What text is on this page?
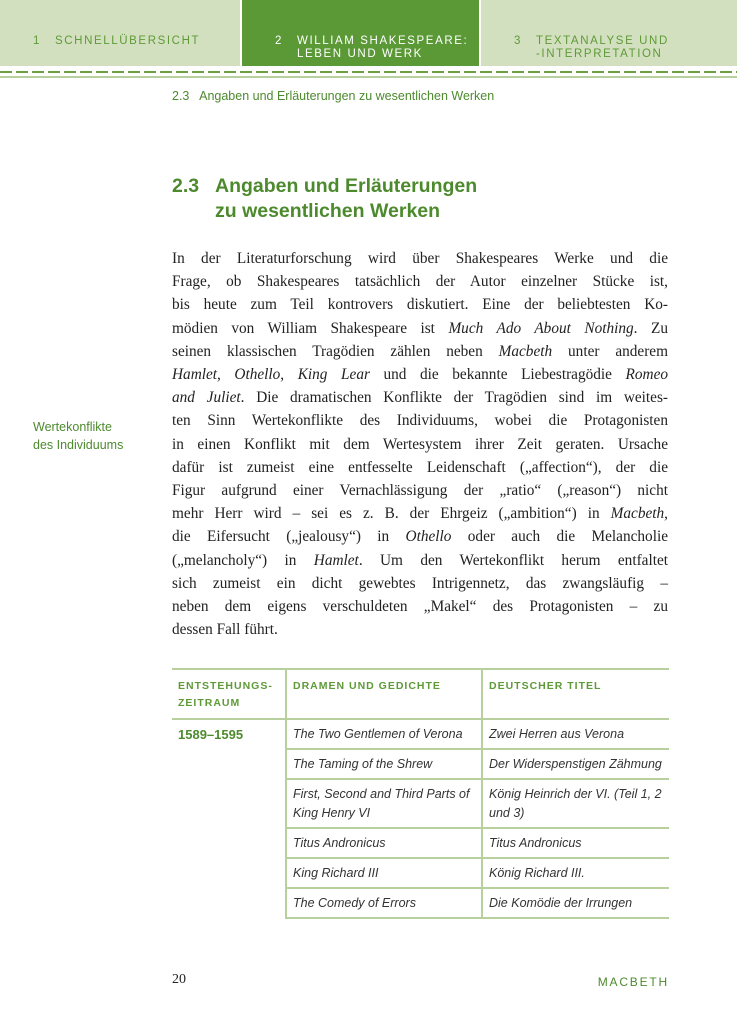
1 SCHNELLÜBERSICHT	2 WILLIAM SHAKESPEARE:
LEBEN UND WERK
3 TEXTANALYSE UND
-INTERPRETATION
2.3   Angaben und Erläuterungen zu wesentlichen Werken
2.3 Angaben und Erläuterungen
zu wesentlichen Werken
Wertekonflikte
des Individuums
In der Literaturforschung wird über Shakespeares Werke und die
Frage, ob Shakespeares tatsächlich der Autor einzelner Stücke ist,
bis heute zum Teil kontrovers diskutiert. Eine der beliebtesten Ko-
mödien von William Shakespeare ist Much Ado About Nothing. Zu
seinen klassischen Tragödien zählen neben Macbeth unter anderem
Hamlet, Othello, King Lear und die bekannte Liebestragödie Romeo
and Juliet. Die dramatischen Konflikte der Tragödien sind im weites-
ten Sinn Wertekonflikte des Individuums, wobei die Protagonisten
in einen Konflikt mit dem Wertesystem ihrer Zeit geraten. Ursache
dafür ist zumeist eine entfesselte Leidenschaft („affection“), der die
Figur aufgrund einer Vernachlässigung der „ratio“ („reason“) nicht
mehr Herr wird – sei es z. B. der Ehrgeiz („ambition“) in Macbeth,
die Eifersucht („jealousy“) in Othello oder auch die Melancholie
(„melancholy“) in Hamlet. Um den Wertekonflikt herum entfaltet
sich zumeist ein dicht gewebtes Intrigennetz, das zwangsläufig –
neben dem eigens verschuldeten „Makel“ des Protagonisten – zu
dessen Fall führt.
ENTSTEHUNGS-
ZEITRAUM	DRAMEN UND GEDICHTE	DEUTSCHER TITEL
1589–1595	The Two Gentlemen of Verona	Zwei Herren aus Verona
	The Taming of the Shrew	Der Widerspenstigen Zähmung
	First, Second and Third Parts of King Henry VI	König Heinrich der VI. (Teil 1, 2 und 3)
	Titus Andronicus	Titus Andronicus
	King Richard III	König Richard III.
	The Comedy of Errors	Die Komödie der Irrungen
20	MACBETH
